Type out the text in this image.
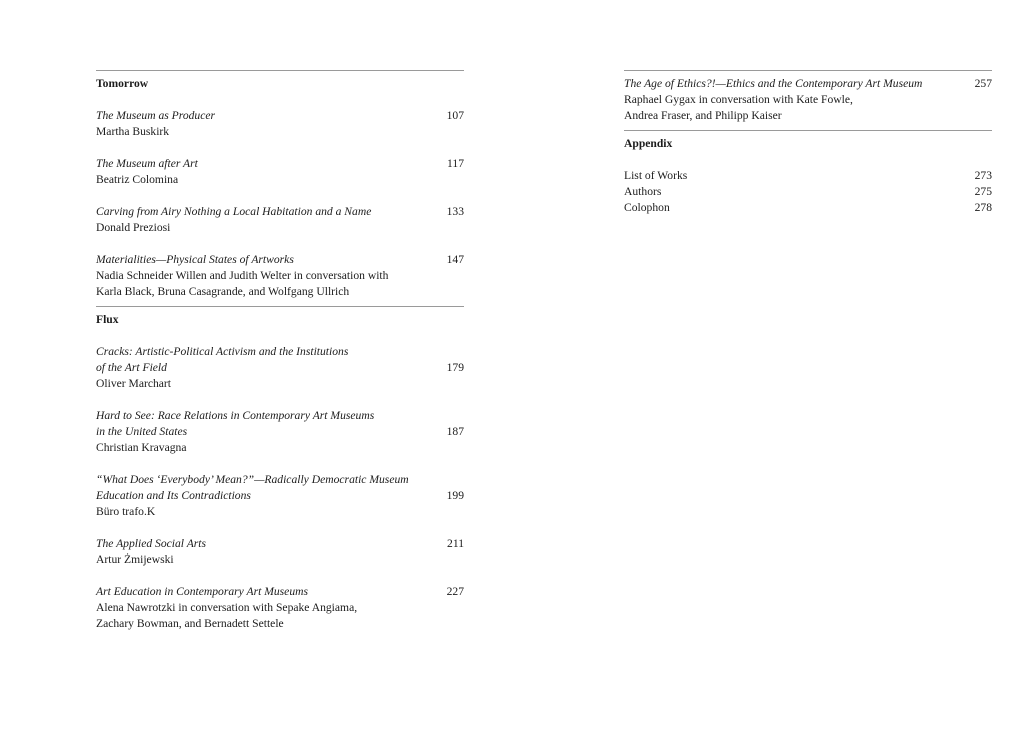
Tomorrow
The Museum as Producer	107
Martha Buskirk
The Museum after Art	117
Beatriz Colomina
Carving from Airy Nothing a Local Habitation and a Name	133
Donald Preziosi
Materialities—Physical States of Artworks	147
Nadia Schneider Willen and Judith Welter in conversation with
Karla Black, Bruna Casagrande, and Wolfgang Ullrich
Flux
Cracks: Artistic-Political Activism and the Institutions
of the Art Field	179
Oliver Marchart
Hard to See: Race Relations in Contemporary Art Museums
in the United States	187
Christian Kravagna
“What Does ‘Everybody’ Mean?”—Radically Democratic Museum
Education and Its Contradictions	199
Büro trafo.K
The Applied Social Arts	211
Artur Żmijewski
Art Education in Contemporary Art Museums	227
Alena Nawrotzki in conversation with Sepake Angiama,
Zachary Bowman, and Bernadett Settele
The Age of Ethics?!—Ethics and the Contemporary Art Museum	257
Raphael Gygax in conversation with Kate Fowle,
Andrea Fraser, and Philipp Kaiser
Appendix
List of Works	273
Authors	275
Colophon	278
